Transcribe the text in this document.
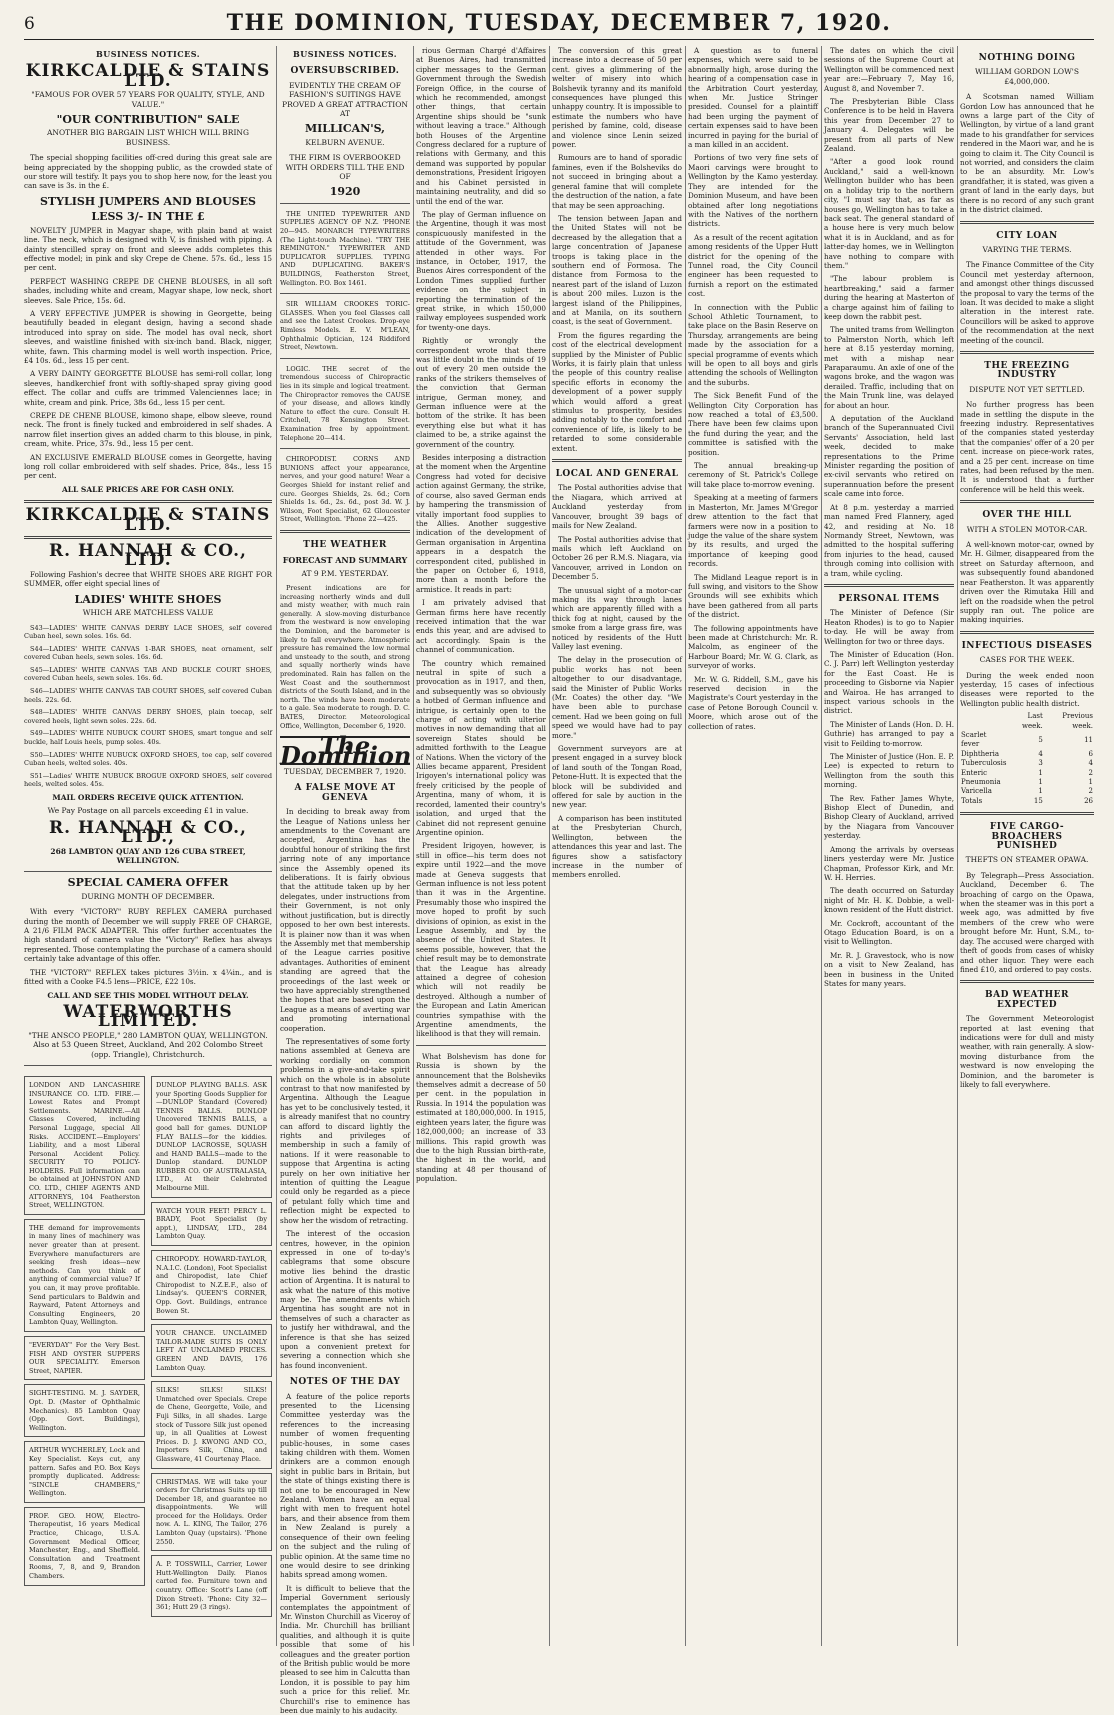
6	THE DOMINION, TUESDAY, DECEMBER 7, 1920.
BUSINESS NOTICES.
KIRKCALDIE & STAINS LTD.
"FAMOUS FOR OVER 57 YEARS FOR QUALITY, STYLE, AND VALUE."
"OUR CONTRIBUTION" SALE
ANOTHER BIG BARGAIN LIST WHICH WILL BRING BUSINESS.
The special shopping facilities off-cred during this great sale are being appreciated by the shopping public, as the crowded state of our store will testify. It pays you to shop here now, for the least you can save is 3s. in the £.
STYLISH JUMPERS AND BLOUSES
LESS 3/- IN THE £
NOVELTY JUMPER in Magyar shape, with plain band at waist line. The neck, which is designed with V, is finished with piping. A dainty stencilled spray on front and sleeve adds completes this effective model; in pink and sky Crepe de Chene. 57s. 6d., less 15 per cent.
PERFECT WASHING CREPE DE CHENE BLOUSES, in all soft shades, including white and cream, Magyar shape, low neck, short sleeves. Sale Price, 15s. 6d.
A VERY EFFECTIVE JUMPER is showing in Georgette, being beautifully beaded in elegant design, having a second shade introduced into spray on side. The model has oval neck, short sleeves, and waistline finished with six-inch band. Black, nigger, white, fawn. This charming model is well worth inspection. Price, £4 10s. 6d., less 15 per cent.
A VERY DAINTY GEORGETTE BLOUSE has semi-roll collar, long sleeves, handkerchief front with softly-shaped spray giving good effect. The collar and cuffs are trimmed Valenciennes lace; in white, cream and pink. Price, 38s 6d., less 15 per cent.
CREPE DE CHENE BLOUSE, kimono shape, elbow sleeve, round neck. The front is finely tucked and embroidered in self shades. A narrow filet insertion gives an added charm to this blouse, in pink, cream, white. Price, 37s. 9d., less 15 per cent.
AN EXCLUSIVE EMERALD BLOUSE comes in Georgette, having long roll collar embroidered with self shades. Price, 84s., less 15 per cent.
ALL SALE PRICES ARE FOR CASH ONLY.
KIRKCALDIE & STAINS LTD.
R. HANNAH & CO., LTD.
Following Fashion's decree that WHITE SHOES ARE RIGHT FOR SUMMER, offer eight special lines of
LADIES' WHITE SHOES
WHICH ARE MATCHLESS VALUE
S43—LADIES' WHITE CANVAS DERBY LACE SHOES, self covered Cuban heel, sewn soles. 16s. 6d.
S44—LADIES' WHITE CANVAS 1-BAR SHOES, neat ornament, self covered Cuban heels, sewn soles. 16s. 6d.
S45—LADIES' WHITE CANVAS TAB AND BUCKLE COURT SHOES, covered Cuban heels, sewn soles. 16s. 6d.
S46—LADIES' WHITE CANVAS TAB COURT SHOES, self covered Cuban heels. 22s. 6d.
S48—LADIES' WHITE CANVAS DERBY SHOES, plain toecap, self covered heels, light sewn soles. 22s. 6d.
S49—LADIES' WHITE NUBUCK COURT SHOES, smart tongue and self buckle, half Louis heels, pump soles. 40s.
S50—LADIES' WHITE NUBUCK OXFORD SHOES, toe cap, self covered Cuban heels, welted soles. 40s.
S51—Ladies' WHITE NUBUCK BROGUE OXFORD SHOES, self covered heels, welted soles. 45s.
MAIL ORDERS RECEIVE QUICK ATTENTION.
We Pay Postage on all parcels exceeding £1 in value.
R. HANNAH & CO., LTD.,
268 LAMBTON QUAY AND 126 CUBA STREET, WELLINGTON.
SPECIAL CAMERA OFFER
DURING MONTH OF DECEMBER.
With every "VICTORY" RUBY REFLEX CAMERA purchased during the month of December we will supply FREE OF CHARGE, A 21/6 FILM PACK ADAPTER. This offer further accentuates the high standard of camera value the "Victory" Reflex has always represented. Those contemplating the purchase of a camera should certainly take advantage of this offer.
THE "VICTORY" REFLEX takes pictures 3½in. x 4¼in., and is fitted with a Cooke F4.5 lens—PRICE, £22 10s.
CALL AND SEE THIS MODEL WITHOUT DELAY.
WATERWORTHS LIMITED.
"THE ANSCO PEOPLE," 280 LAMBTON QUAY, WELLINGTON. Also at 53 Queen Street, Auckland, And 202 Colombo Street (opp. Triangle), Christchurch.
LONDON AND LANCASHIRE INSURANCE CO. LTD. FIRE.—Lowest Rates and Prompt Settlements. MARINE.—All Classes Covered, including Personal Luggage, special All Risks. ACCIDENT.—Employers' Liability, and a most Liberal Personal Accident Policy. SECURITY TO POLICY-HOLDERS. Full information can be obtained at JOHNSTON AND CO. LTD., CHIEF AGENTS AND ATTORNEYS, 104 Featherston Street, WELLINGTON.
THE demand for improvements in many lines of machinery was never greater than at present. Everywhere manufacturers are seeking fresh ideas—new methods. Can you think of anything of commercial value? If you can, it may prove profitable. Send particulars to Baldwin and Rayward, Patent Attorneys and Consulting Engineers, 20 Lambton Quay, Wellington.
"EVERYDAY" For the Very Best. FISH AND OYSTER SUPPERS OUR SPECIALITY. Emerson Street, NAPIER.
SIGHT-TESTING. M. J. SAYDER, Opt. D. (Master of Ophthalmic Mechanics). 85 Lambton Quay (Opp. Govt. Buildings), Wellington.
ARTHUR WYCHERLEY, Lock and Key Specialist. Keys cut, any pattern. Safes and P.O. Box Keys promptly duplicated. Address: "SINCLE CHAMBERS," Wellington.
PROF. GEO. HOW, Electro-Therapeutist, 16 years Medical Practice, Chicago, U.S.A. Government Medical Officer, Manchester, Eng., and Sheffield. Consultation and Treatment Rooms, 7, 8, and 9, Brandon Chambers.
DUNLOP PLAYING BALLS. ASK your Sporting Goods Supplier for—DUNLOP Standard (Covered) TENNIS BALLS. DUNLOP Uncovered TENNIS BALLS, a good ball for games. DUNLOP FLAY BALLS—for the kiddies. DUNLOP LACROSSE, SQUASH and HAND BALLS—made to the Dunlop standard. DUNLOP RUBBER CO. OF AUSTRALASIA, LTD., At their Celebrated Melbourne Mill.
WATCH YOUR FEET! PERCY L. BRADY, Foot Specialist (by appt.), LINDSAY, LTD., 284 Lambton Quay.
CHIROPODY. HOWARD-TAYLOR, N.A.I.C. (London), Foot Specialist and Chiropodist, late Chief Chiropodist to N.Z.E.F., also of Lindsay's. QUEEN'S CORNER, Opp. Govt. Buildings, entrance Bowen St.
YOUR CHANCE. UNCLAIMED TAILOR-MADE SUITS IS ONLY LEFT AT UNCLAIMED PRICES. GREEN AND DAVIS, 176 Lambton Quay.
SILKS! SILKS! SILKS! Unmatched over Specials. Crepe de Chene, Georgette, Voile, and Fuji Silks, in all shades. Large stock of Tussore Silk just opened up, in all Qualities at Lowest Prices. D. J. KWONG AND CO., Importers Silk, China, and Glassware, 41 Courtenay Place.
CHRISTMAS. WE will take your orders for Christmas Suits up till December 18, and guarantee no disappointments. We will proceed for the Holidays. Order now. A. L. KING, The Tailor, 276 Lambton Quay (upstairs). 'Phone 2550.
A. P. TOSSWILL, Carrier, Lower Hutt-Wellington Daily. Pianos carted fee. Furniture town and country. Office: Scott's Lane (off Dixon Street). 'Phone: City 32—361; Hutt 29 (3 rings).
BUSINESS NOTICES.
OVERSUBSCRIBED.
EVIDENTLY THE CREAM OF FASHION'S SUITINGS HAVE PROVED A GREAT ATTRACTION AT
MILLICAN'S,
KELBURN AVENUE.
THE FIRM IS OVERBOOKED WITH ORDERS TILL THE END OF
1920
THE UNITED TYPEWRITER AND SUPPLIES AGENCY OF N.Z. 'PHONE 20—945. MONARCH TYPEWRITERS (The Light-touch Machine). "TRY THE REMINGTON." TYPEWRITER AND DUPLICATOR SUPPLIES. TYPING AND DUPLICATING. BAKER'S BUILDINGS, Featherston Street, Wellington. P.O. Box 1461.
SIR WILLIAM CROOKES TORIC-GLASSES. When you feel Glasses call and see the Latest Crookes. Drop-eye Rimless Models. E. V. M'LEAN, Ophthalmic Optician, 124 Riddiford Street, Newtown.
LOGIC. THE secret of the tremendous success of Chiropractic lies in its simple and logical treatment. The Chiropractor removes the CAUSE of your disease, and allows kindly Nature to effect the cure. Consult H. Critchell, 78 Kensington Street. Examination free by appointment. Telephone 20—414.
CHIROPODIST. CORNS AND BUNIONS affect your appearance, nerves, and your good nature! Wear a Georges Shield for instant relief and cure. Georges Shields, 2s. 6d.; Corn Shields 1s. 6d., 2s. 6d., post 3d. W. J. Wilson, Foot Specialist, 62 Gloucester Street, Wellington. 'Phone 22—425.
THE WEATHER
FORECAST AND SUMMARY
AT 9 P.M. YESTERDAY.
Present indications are for increasing northerly winds and dull and misty weather, with much rain generally. A slow-moving disturbance from the westward is now enveloping the Dominion, and the barometer is likely to fall everywhere. Atmospheric pressure has remained the low normal and unsteady to the south, and strong and squally northerly winds have predominated. Rain has fallen on the West Coast and the southernmost districts of the South Island, and in the north. The winds have been moderate to a gale. Sea moderate to rough. D. C. BATES, Director. Meteorological Office, Wellington, December 6, 1920.
The Dominion
TUESDAY, DECEMBER 7, 1920.
A FALSE MOVE AT GENEVA
In deciding to break away from the League of Nations unless her amendments to the Covenant are accepted, Argentina has the doubtful honour of striking the first jarring note of any importance since the Assembly opened its deliberations. It is fairly obvious that the attitude taken up by her delegates, under instructions from their Government, is not only without justification, but is directly opposed to her own best interests. It is plainer now than it was when the Assembly met that membership of the League carries positive advantages. Authorities of eminent standing are agreed that the proceedings of the last week or two have appreciably strengthened the hopes that are based upon the League as a means of averting war and promoting international cooperation.
The representatives of some forty nations assembled at Geneva are working cordially on common problems in a give-and-take spirit which on the whole is in absolute contrast to that now manifested by Argentina. Although the League has yet to be conclusively tested, it is already manifest that no country can afford to discard lightly the rights and privileges of membership in such a family of nations. If it were reasonable to suppose that Argentina is acting purely on her own initiative her intention of quitting the League could only be regarded as a piece of petulant folly which time and reflection might be expected to show her the wisdom of retracting.
The interest of the occasion centres, however, in the opinion expressed in one of to-day's cablegrams that some obscure motive lies behind the drastic action of Argentina. It is natural to ask what the nature of this motive may be. The amendments which Argentina has sought are not in themselves of such a character as to justify her withdrawal, and the inference is that she has seized upon a convenient pretext for severing a connection which she has found inconvenient.
NOTES OF THE DAY
A feature of the police reports presented to the Licensing Committee yesterday was the references to the increasing number of women frequenting public-houses, in some cases taking children with them. Women drinkers are a common enough sight in public bars in Britain, but the state of things existing there is not one to be encouraged in New Zealand. Women have an equal right with men to frequent hotel bars, and their absence from them in New Zealand is purely a consequence of their own feeling on the subject and the ruling of public opinion. At the same time no one would desire to see drinking habits spread among women.
It is difficult to believe that the Imperial Government seriously contemplates the appointment of Mr. Winston Churchill as Viceroy of India. Mr. Churchill has brilliant qualities, and although it is quite possible that some of his colleagues and the greater portion of the British public would be more pleased to see him in Calcutta than London, it is possible to pay him such a price for this relief. Mr. Churchill's rise to eminence has been due mainly to his audacity.
rious German Chargé d'Affaires at Buenos Aires, had transmitted cipher messages to the German Government through the Swedish Foreign Office, in the course of which he recommended, amongst other things, that certain Argentine ships should be "sunk without leaving a trace." Although both Houses of the Argentine Congress declared for a rupture of relations with Germany, and this demand was supported by popular demonstrations, President Irigoyen and his Cabinet persisted in maintaining neutrality, and did so until the end of the war.
The play of German influence on the Argentine, though it was most conspicuously manifested in the attitude of the Government, was attended in other ways. For instance, in October, 1917, the Buenos Aires correspondent of the London Times supplied further evidence on the subject in reporting the termination of the great strike, in which 150,000 railway employees suspended work for twenty-one days.
Rightly or wrongly the correspondent wrote that there was little doubt in the minds of 19 out of every 20 men outside the ranks of the strikers themselves of the conviction that German intrigue, German money, and German influence were at the bottom of the strike. It has been everything else but what it has claimed to be, a strike against the government of the country.
Besides interposing a distraction at the moment when the Argentine Congress had voted for decisive action against Germany, the strike, of course, also saved German ends by hampering the transmission of vitally important food supplies to the Allies. Another suggestive indication of the development of German organisation in Argentina appears in a despatch the correspondent cited, published in the paper on October 6, 1918, more than a month before the armistice. It reads in part:
I am privately advised that German firms here have recently received intimation that the war ends this year, and are advised to act accordingly. Spain is the channel of communication.
The country which remained neutral in spite of such a provocation as in 1917, and then, and subsequently was so obviously a hotbed of German influence and intrigue, is certainly open to the charge of acting with ulterior motives in now demanding that all sovereign States should be admitted forthwith to the League of Nations. When the victory of the Allies became apparent, President Irigoyen's international policy was freely criticised by the people of Argentina, many of whom, it is recorded, lamented their country's isolation, and urged that the Cabinet did not represent genuine Argentine opinion.
President Irigoyen, however, is still in office—his term does not expire until 1922—and the move made at Geneva suggests that German influence is not less potent than it was in the Argentine. Presumably those who inspired the move hoped to profit by such divisions of opinion, as exist in the League Assembly, and by the absence of the United States. It seems possible, however, that the chief result may be to demonstrate that the League has already attained a degree of cohesion which will not readily be destroyed. Although a number of the European and Latin American countries sympathise with the Argentine amendments, the likelihood is that they will remain.
What Bolshevism has done for Russia is shown by the announcement that the Bolsheviks themselves admit a decrease of 50 per cent. in the population in Russia. In 1914 the population was estimated at 180,000,000. In 1915, eighteen years later, the figure was 182,000,000; an increase of 33 millions. This rapid growth was due to the high Russian birth-rate, the highest in the world, and standing at 48 per thousand of population.
The conversion of this great increase into a decrease of 50 per cent. gives a glimmering of the welter of misery into which Bolshevik tyranny and its manifold consequences have plunged this unhappy country. It is impossible to estimate the numbers who have perished by famine, cold, disease and violence since Lenin seized power.
Rumours are to hand of sporadic famines, even if the Bolsheviks do not succeed in bringing about a general famine that will complete the destruction of the nation, a fate that may be seen approaching.
The tension between Japan and the United States will not be decreased by the allegation that a large concentration of Japanese troops is taking place in the southern end of Formosa. The distance from Formosa to the nearest part of the island of Luzon is about 200 miles. Luzon is the largest island of the Philippines, and at Manila, on its southern coast, is the seat of Government.
From the figures regarding the cost of the electrical development supplied by the Minister of Public Works, it is fairly plain that unless the people of this country realise specific efforts in economy the development of a power supply which would afford a great stimulus to prosperity, besides adding notably to the comfort and convenience of life, is likely to be retarded to some considerable extent.
LOCAL AND GENERAL
The Postal authorities advise that the Niagara, which arrived at Auckland yesterday from Vancouver, brought 39 bags of mails for New Zealand.
The Postal authorities advise that mails which left Auckland on October 26 per R.M.S. Niagara, via Vancouver, arrived in London on December 5.
The unusual sight of a motor-car making its way through lanes which are apparently filled with a thick fog at night, caused by the smoke from a large grass fire, was noticed by residents of the Hutt Valley last evening.
The delay in the prosecution of public works has not been altogether to our disadvantage, said the Minister of Public Works (Mr. Coates) the other day. "We have been able to purchase cement. Had we been going on full speed we would have had to pay more."
Government surveyors are at present engaged in a survey block of land south of the Tongan Road, Petone-Hutt. It is expected that the block will be subdivided and offered for sale by auction in the new year.
A comparison has been instituted at the Presbyterian Church, Wellington, between the attendances this year and last. The figures show a satisfactory increase in the number of members enrolled.
A question as to funeral expenses, which were said to be abnormally high, arose during the hearing of a compensation case in the Arbitration Court yesterday, when Mr. Justice Stringer presided. Counsel for a plaintiff had been urging the payment of certain expenses said to have been incurred in paying for the burial of a man killed in an accident.
Portions of two very fine sets of Maori carvings were brought to Wellington by the Kamo yesterday. They are intended for the Dominion Museum, and have been obtained after long negotiations with the Natives of the northern districts.
As a result of the recent agitation among residents of the Upper Hutt district for the opening of the Tunnel road, the City Council engineer has been requested to furnish a report on the estimated cost.
In connection with the Public School Athletic Tournament, to take place on the Basin Reserve on Thursday, arrangements are being made by the association for a special programme of events which will be open to all boys and girls attending the schools of Wellington and the suburbs.
The Sick Benefit Fund of the Wellington City Corporation has now reached a total of £3,500. There have been few claims upon the fund during the year, and the committee is satisfied with the position.
The annual breaking-up ceremony of St. Patrick's College will take place to-morrow evening.
Speaking at a meeting of farmers in Masterton, Mr. James M'Gregor drew attention to the fact that farmers were now in a position to judge the value of the share system by its results, and urged the importance of keeping good records.
The Midland League report is in full swing, and visitors to the Show Grounds will see exhibits which have been gathered from all parts of the district.
The following appointments have been made at Christchurch: Mr. R. Malcolm, as engineer of the Harbour Board; Mr. W. G. Clark, as surveyor of works.
Mr. W. G. Riddell, S.M., gave his reserved decision in the Magistrate's Court yesterday in the case of Petone Borough Council v. Moore, which arose out of the collection of rates.
The dates on which the civil sessions of the Supreme Court at Wellington will be commenced next year are:—February 7, May 16, August 8, and November 7.
The Presbyterian Bible Class Conference is to be held in Havera this year from December 27 to January 4. Delegates will be present from all parts of New Zealand.
"After a good look round Auckland," said a well-known Wellington builder who has been on a holiday trip to the northern city, "I must say that, as far as houses go, Wellington has to take a back seat. The general standard of a house here is very much below what it is in Auckland, and as for latter-day homes, we in Wellington have nothing to compare with them."
"The labour problem is heartbreaking," said a farmer during the hearing at Masterton of a charge against him of failing to keep down the rabbit pest.
The united trams from Wellington to Palmerston North, which left here at 8.15 yesterday morning, met with a mishap near Paraparaumu. An axle of one of the wagons broke, and the wagon was derailed. Traffic, including that on the Main Trunk line, was delayed for about an hour.
A deputation of the Auckland branch of the Superannuated Civil Servants' Association, held last week, decided to make representations to the Prime Minister regarding the position of ex-civil servants who retired on superannuation before the present scale came into force.
At 8 p.m. yesterday a married man named Fred Flannery, aged 42, and residing at No. 18 Normandy Street, Newtown, was admitted to the hospital suffering from injuries to the head, caused through coming into collision with a tram, while cycling.
PERSONAL ITEMS
The Minister of Defence (Sir Heaton Rhodes) is to go to Napier to-day. He will be away from Wellington for two or three days.
The Minister of Education (Hon. C. J. Parr) left Wellington yesterday for the East Coast. He is proceeding to Gisborne via Napier and Wairoa. He has arranged to inspect various schools in the district.
The Minister of Lands (Hon. D. H. Guthrie) has arranged to pay a visit to Feilding to-morrow.
The Minister of Justice (Hon. E. P. Lee) is expected to return to Wellington from the south this morning.
The Rev. Father James Whyte, Bishop Elect of Dunedin, and Bishop Cleary of Auckland, arrived by the Niagara from Vancouver yesterday.
Among the arrivals by overseas liners yesterday were Mr. Justice Chapman, Professor Kirk, and Mr. W. H. Herries.
The death occurred on Saturday night of Mr. H. K. Dobbie, a well-known resident of the Hutt district.
Mr. Cockroft, accountant of the Otago Education Board, is on a visit to Wellington.
Mr. R. J. Gravestock, who is now on a visit to New Zealand, has been in business in the United States for many years.
NOTHING DOING
WILLIAM GORDON LOW'S £4,000,000.
A Scotsman named William Gordon Low has announced that he owns a large part of the City of Wellington, by virtue of a land grant made to his grandfather for services rendered in the Maori war, and he is going to claim it. The City Council is not worried, and considers the claim to be an absurdity. Mr. Low's grandfather, it is stated, was given a grant of land in the early days, but there is no record of any such grant in the district claimed.
CITY LOAN
VARYING THE TERMS.
The Finance Committee of the City Council met yesterday afternoon, and amongst other things discussed the proposal to vary the terms of the loan. It was decided to make a slight alteration in the interest rate. Councillors will be asked to approve of the recommendation at the next meeting of the council.
THE FREEZING INDUSTRY
DISPUTE NOT YET SETTLED.
No further progress has been made in settling the dispute in the freezing industry. Representatives of the companies stated yesterday that the companies' offer of a 20 per cent. increase on piece-work rates, and a 25 per cent. increase on time rates, had been refused by the men. It is understood that a further conference will be held this week.
OVER THE HILL
WITH A STOLEN MOTOR-CAR.
A well-known motor-car, owned by Mr. H. Gilmer, disappeared from the street on Saturday afternoon, and was subsequently found abandoned near Featherston. It was apparently driven over the Rimutaka Hill and left on the roadside when the petrol supply ran out. The police are making inquiries.
INFECTIOUS DISEASES
CASES FOR THE WEEK.
During the week ended noon yesterday, 15 cases of infectious diseases were reported to the Wellington public health district.
	Last week.	Previous week.
Scarlet fever	5	11
Diphtheria	4	6
Tuberculosis	3	4
Enteric	1	2
Pneumonia	1	1
Varicella	1	2
Totals	15	26
FIVE CARGO-BROACHERS PUNISHED
THEFTS ON STEAMER OPAWA.
By Telegraph—Press Association. Auckland, December 6. The broaching of cargo on the Opawa, when the steamer was in this port a week ago, was admitted by five members of the crew who were brought before Mr. Hunt, S.M., to-day. The accused were charged with theft of goods from cases of whisky and other liquor. They were each fined £10, and ordered to pay costs.
BAD WEATHER EXPECTED
The Government Meteorologist reported at last evening that indications were for dull and misty weather, with rain generally. A slow-moving disturbance from the westward is now enveloping the Dominion, and the barometer is likely to fall everywhere.
